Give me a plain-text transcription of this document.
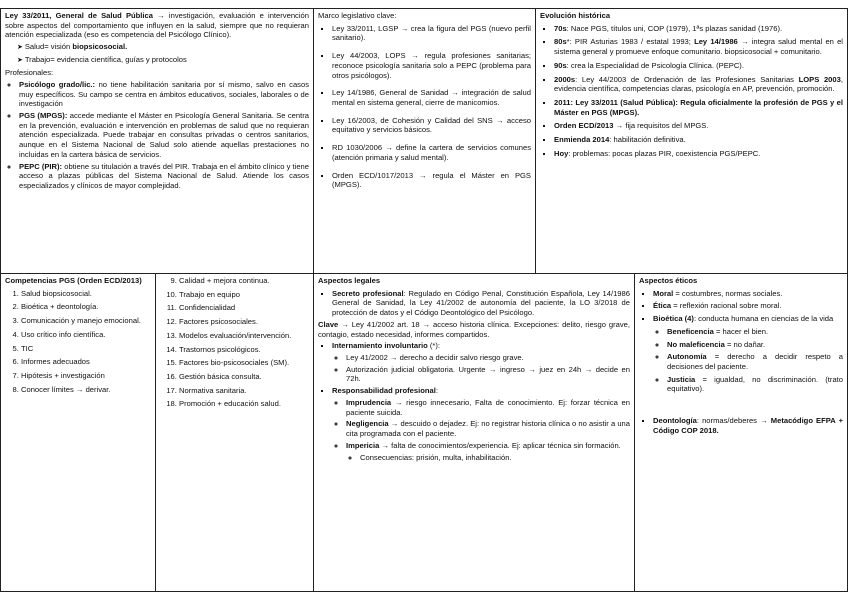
Ley 33/2011, General de Salud Pública → investigación, evaluación e intervención sobre aspectos del comportamiento que influyen en la salud, siempre que no requieran atención especializada (eso es competencia del Psicólogo Clínico).

➤ Salud= visión biopsicosocial.
➤ Trabajo= evidencia científica, guías y protocolos

Profesionales:

◦ Psicólogo grado/lic.: no tiene habilitación sanitaria por sí mismo, salvo en casos muy específicos. Su campo se centra en ámbitos educativos, sociales, laborales o de investigación
◦ PGS (MPGS): accede mediante el Máster en Psicología General Sanitaria. Se centra en la prevención, evaluación e intervención en problemas de salud que no requieran atención especializada. Puede trabajar en consultas privadas o centros sanitarios, aunque en el Sistema Nacional de Salud solo atiende aquellas prestaciones no incluidas en la cartera básica de servicios.
◦ PEPC (PIR): obtiene su titulación a través del PIR. Trabaja en el ámbito clínico y tiene acceso a plazas públicas del Sistema Nacional de Salud. Atiende los casos especializados y clínicos de mayor complejidad.

Marco legislativo clave:

▪ Ley 33/2011, LGSP → crea la figura del PGS (nuevo perfil sanitario).
▪ Ley 44/2003, LOPS → regula profesiones sanitarias; reconoce psicología sanitaria solo a PEPC (problema para otros psicólogos).
▪ Ley 14/1986, General de Sanidad → integración de salud mental en sistema general, cierre de manicomios.
▪ Ley 16/2003, de Cohesión y Calidad del SNS → acceso equitativo y servicios básicos.
▪ RD 1030/2006 → define la cartera de servicios comunes (atención primaria y salud mental).
▪ Orden ECD/1017/2013 → regula el Máster en PGS (MPGS).

Evolución histórica

▪ 70s: Nace PGS, títulos uni, COP (1979), 1ªs plazas sanidad (1976).
▪ 80s*: PIR Asturias 1983 / estatal 1993; Ley 14/1986 → integra salud mental en el sistema general y promueve enfoque comunitario. biopsicosocial + comunitario.
▪ 90s: crea la Especialidad de Psicología Clínica. (PEPC).
▪ 2000s: Ley 44/2003 de Ordenación de las Profesiones Sanitarias LOPS 2003, evidencia científica, competencias claras, psicología en AP, prevención, promoción.
▪ 2011: Ley 33/2011 (Salud Pública): Regula oficialmente la profesión de PGS y el Máster en PGS (MPGS).
▪ Orden ECD/2013 → fija requisitos del MPGS.
▪ Enmienda 2014: habilitación definitiva.
▪ Hoy: problemas: pocas plazas PIR, coexistencia PGS/PEPC.

Competencias PGS (Orden ECD/2013)

1. Salud biopsicosocial.
2. Bioética + deontología.
3. Comunicación y manejo emocional.
4. Uso crítico info científica.
5. TIC
6. Informes adecuados
7. Hipótesis + investigación
8. Conocer límites → derivar.
9. Calidad + mejora continua.
10. Trabajo en equipo
11. Confidencialidad
12. Factores psicosociales.
13. Modelos evaluación/intervención.
14. Trastornos psicológicos.
15. Factores bio-psicosociales (SM).
16. Gestión básica consulta.
17. Normativa sanitaria.
18. Promoción + educación salud.

Aspectos legales

▪ Secreto profesional: Regulado en Código Penal, Constitución Española, Ley 14/1986 General de Sanidad, la Ley 41/2002 de autonomía del paciente, la LO 3/2018 de protección de datos y el Código Deontológico del Psicólogo.

Clave → Ley 41/2002 art. 18 → acceso historia clínica. Excepciones: delito, riesgo grave, contagio, estado necesidad, informes compartidos.

▪ Internamiento involuntario (*):
◦ Ley 41/2002 → derecho a decidir salvo riesgo grave.
◦ Autorización judicial obligatoria. Urgente → ingreso → juez en 24h → decide en 72h.
▪ Responsabilidad profesional:
◦ Imprudencia → riesgo innecesario, Falta de conocimiento. Ej: forzar técnica en paciente suicida.
◦ Negligencia → descuido o dejadez. Ej: no registrar historia clínica o no asistir a una cita programada con el paciente.
◦ Impericia → falta de conocimientos/experiencia. Ej: aplicar técnica sin formación.
◦ Consecuencias: prisión, multa, inhabilitación.

Aspectos éticos

▪ Moral = costumbres, normas sociales.
▪ Ética = reflexión racional sobre moral.
▪ Bioética (4): conducta humana en ciencias de la vida
◦ Beneficencia = hacer el bien.
◦ No maleficencia = no dañar.
◦ Autonomía = derecho a decidir respeto a decisiones del paciente.
◦ Justicia = igualdad, no discriminación. (trato equitativo).
▪ Deontología: normas/deberes → Metacódigo EFPA + Código COP 2018.
